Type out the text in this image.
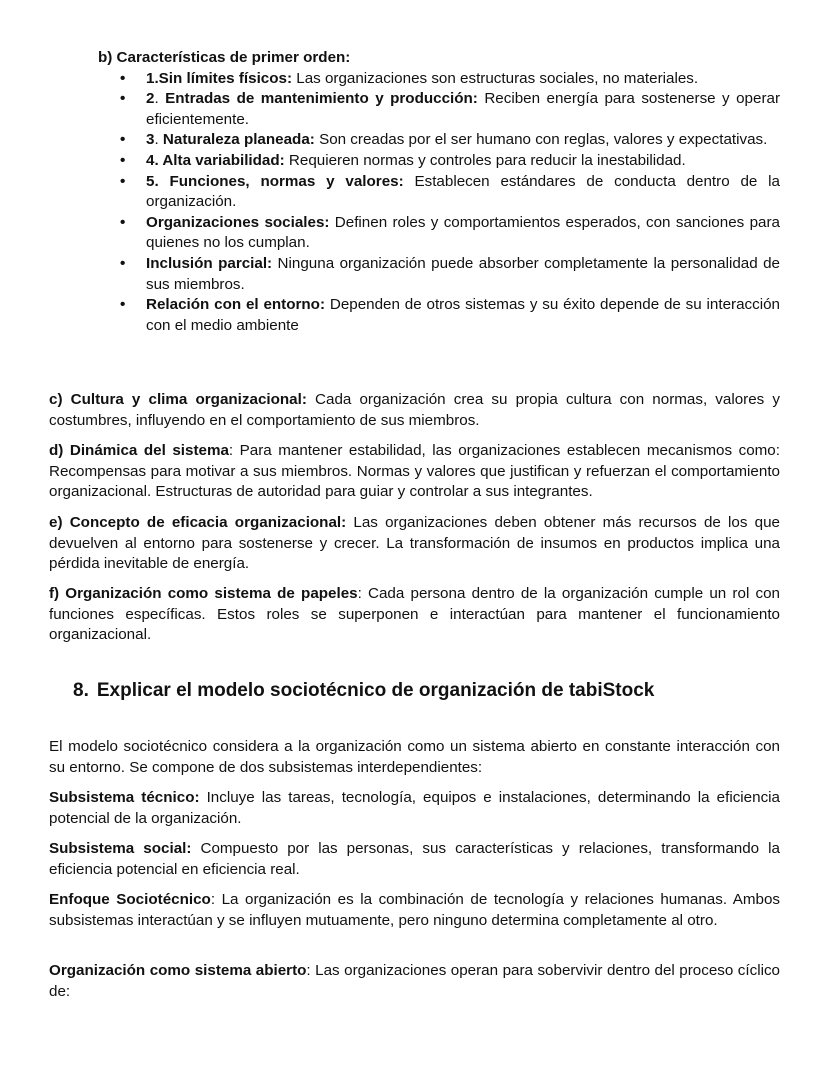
b) Características de primer orden:

• 1.Sin límites físicos: Las organizaciones son estructuras sociales, no materiales.
• 2. Entradas de mantenimiento y producción: Reciben energía para sostenerse y operar eficientemente.
• 3. Naturaleza planeada: Son creadas por el ser humano con reglas, valores y expectativas.
• 4. Alta variabilidad: Requieren normas y controles para reducir la inestabilidad.
• 5. Funciones, normas y valores: Establecen estándares de conducta dentro de la organización.
• Organizaciones sociales: Definen roles y comportamientos esperados, con sanciones para quienes no los cumplan.
• Inclusión parcial: Ninguna organización puede absorber completamente la personalidad de sus miembros.
• Relación con el entorno: Dependen de otros sistemas y su éxito depende de su interacción con el medio ambiente

c) Cultura y clima organizacional: Cada organización crea su propia cultura con normas, valores y costumbres, influyendo en el comportamiento de sus miembros.

d) Dinámica del sistema: Para mantener estabilidad, las organizaciones establecen mecanismos como: Recompensas para motivar a sus miembros. Normas y valores que justifican y refuerzan el comportamiento organizacional. Estructuras de autoridad para guiar y controlar a sus integrantes.

e) Concepto de eficacia organizacional: Las organizaciones deben obtener más recursos de los que devuelven al entorno para sostenerse y crecer. La transformación de insumos en productos implica una pérdida inevitable de energía.

f) Organización como sistema de papeles: Cada persona dentro de la organización cumple un rol con funciones específicas. Estos roles se superponen e interactúan para mantener el funcionamiento organizacional.

8. Explicar el modelo sociotécnico de organización de tabiStock

El modelo sociotécnico considera a la organización como un sistema abierto en constante interacción con su entorno. Se compone de dos subsistemas interdependientes:

Subsistema técnico: Incluye las tareas, tecnología, equipos e instalaciones, determinando la eficiencia potencial de la organización.

Subsistema social: Compuesto por las personas, sus características y relaciones, transformando la eficiencia potencial en eficiencia real.

Enfoque Sociotécnico: La organización es la combinación de tecnología y relaciones humanas. Ambos subsistemas interactúan y se influyen mutuamente, pero ninguno determina completamente al otro.

Organización como sistema abierto: Las organizaciones operan para sobervivir dentro del proceso cíclico de:
